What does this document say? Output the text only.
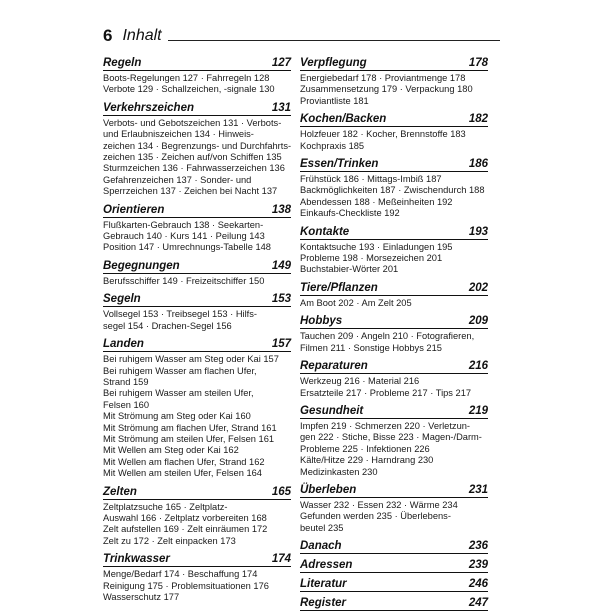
6 Inhalt
Regeln	127
Boots-Regelungen 127 · Fahrregeln 128
Verbote 129 · Schallzeichen, -signale 130
Verkehrszeichen	131
Verbots- und Gebotszeichen 131 · Verbots-
und Erlaubniszeichen 134 · Hinweis-
zeichen 134 · Begrenzungs- und Durchfahrts-
zeichen 135 · Zeichen auf/von Schiffen 135
Sturmzeichen 136 · Fahrwasserzeichen 136
Gefahrenzeichen 137 · Sonder- und
Sperrzeichen 137 · Zeichen bei Nacht 137
Orientieren	138
Flußkarten-Gebrauch 138 · Seekarten-
Gebrauch 140 · Kurs 141 · Peilung 143
Position 147 · Umrechnungs-Tabelle 148
Begegnungen	149
Berufsschiffer 149 · Freizeitschiffer 150
Segeln	153
Vollsegel 153 · Treibsegel 153 · Hilfs-
segel 154 · Drachen-Segel 156
Landen	157
Bei ruhigem Wasser am Steg oder Kai 157
Bei ruhigem Wasser am flachen Ufer,
Strand 159
Bei ruhigem Wasser am steilen Ufer,
Felsen 160
Mit Strömung am Steg oder Kai 160
Mit Strömung am flachen Ufer, Strand 161
Mit Strömung am steilen Ufer, Felsen 161
Mit Wellen am Steg oder Kai 162
Mit Wellen am flachen Ufer, Strand 162
Mit Wellen am steilen Ufer, Felsen 164
Zelten	165
Zeltplatzsuche 165 · Zeltplatz-
Auswahl 166 · Zeltplatz vorbereiten 168
Zelt aufstellen 169 · Zelt einräumen 172
Zelt zu 172 · Zelt einpacken 173
Trinkwasser	174
Menge/Bedarf 174 · Beschaffung 174
Reinigung 175 · Problemsituationen 176
Wasserschutz 177
Verpflegung	178
Energiebedarf 178 · Proviantmenge 178
Zusammensetzung 179 · Verpackung 180
Proviantliste 181
Kochen/Backen	182
Holzfeuer 182 · Kocher, Brennstoffe 183
Kochpraxis 185
Essen/Trinken	186
Frühstück 186 · Mittags-Imbiß 187
Backmöglichkeiten 187 · Zwischendurch 188
Abendessen 188 · Meßeinheiten 192
Einkaufs-Checkliste 192
Kontakte	193
Kontaktsuche 193 · Einladungen 195
Probleme 198 · Morsezeichen 201
Buchstabier-Wörter 201
Tiere/Pflanzen	202
Am Boot 202 · Am Zelt 205
Hobbys	209
Tauchen 209 · Angeln 210 · Fotografieren,
Filmen 211 · Sonstige Hobbys 215
Reparaturen	216
Werkzeug 216 · Material 216
Ersatzteile 217 · Probleme 217 · Tips 217
Gesundheit	219
Impfen 219 · Schmerzen 220 · Verletzun-
gen 222 · Stiche, Bisse 223 · Magen-/Darm-
Probleme 225 · Infektionen 226
Kälte/Hitze 229 · Harndrang 230
Medizinkasten 230
Überleben	231
Wasser 232 · Essen 232 · Wärme 234
Gefunden werden 235 · Überlebens-
beutel 235
Danach	236
Adressen	239
Literatur	246
Register	247
